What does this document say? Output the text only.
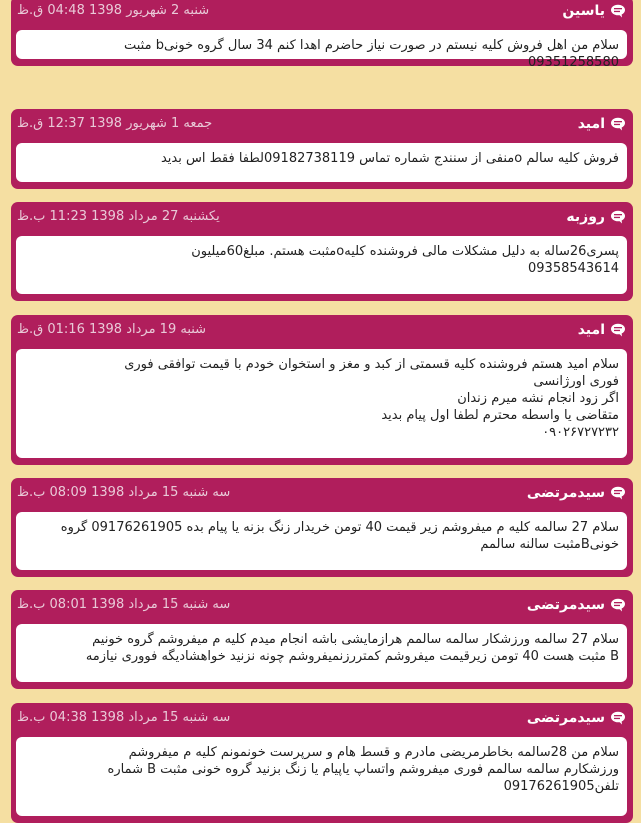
یاسین
شنبه 2 شهریور 1398 04:48 ق.ظ
سلام من اهل فروش کلیه نیستم در صورت نیاز حاضرم اهدا کنم 34 سال گروه خونیb مثبت
09351258580
امید
جمعه 1 شهریور 1398 12:37 ق.ظ
فروش کلیه سالم oمنفی از سنندج شماره تماس 09182738119لطفا فقط اس بدید
روزبه
یکشنبه 27 مرداد 1398 11:23 ب.ظ
پسری26ساله به دلیل مشکلات مالی فروشنده کلیهoمثبت هستم. مبلغ60میلیون
09358543614
امید
شنبه 19 مرداد 1398 01:16 ق.ظ
سلام امید هستم فروشنده کلیه قسمتی از کبد و مغز و استخوان خودم با قیمت توافقی فوری
فوری اورژانسی
اگر زود انجام نشه میرم زندان
متقاضی یا واسطه محترم لطفا اول پیام بدید
۰۹۰۲۶۷۲۷۲۳۲
سیدمرتضی
سه شنبه 15 مرداد 1398 08:09 ب.ظ
سلام 27 سالمه کلیه م میفروشم زیر قیمت 40 تومن خریدار زنگ بزنه یا پیام بده 09176261905 گروه
خونیBمثبت سالنه سالمم
سیدمرتضی
سه شنبه 15 مرداد 1398 08:01 ب.ظ
سلام 27 سالمه ورزشکار سالمه سالمم هرازمایشی باشه انجام میدم کلیه م میفروشم گروه خونیم
B مثبت هست 40 تومن زیرقیمت میفروشم کمتررزنمیفروشم چونه نزنید خواهشادیگه فووری نیازمه
سیدمرتضی
سه شنبه 15 مرداد 1398 04:38 ب.ظ
سلام من 28سالمه بخاطرمریضی مادرم و قسط هام و سرپرست خونمونم کلیه م میفروشم
ورزشکارم سالمه سالمم فوری میفروشم واتساپ یاپیام یا زنگ بزنید گروه خونی مثبت B شماره
تلفن09176261905
